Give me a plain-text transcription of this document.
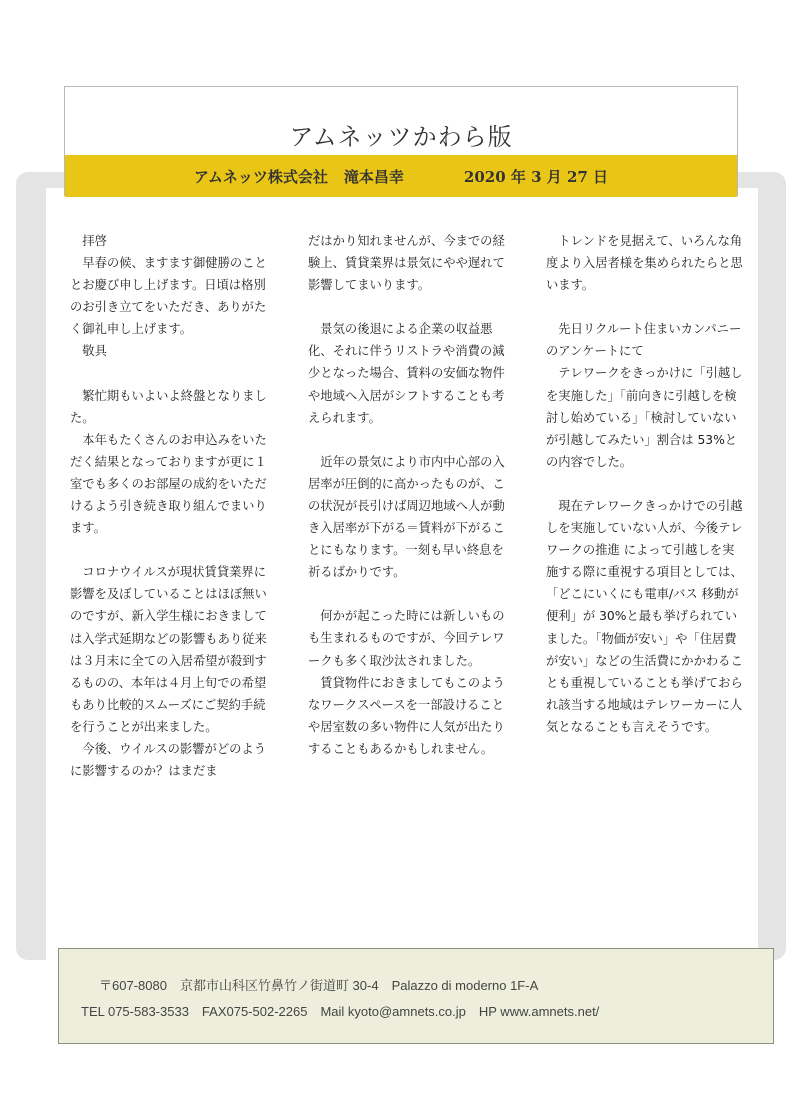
アムネッツかわら版
アムネッツ株式会社 滝本昌幸	2020 年 3 月 27 日

　拝啓
　早春の候、ますます御健勝のこととお慶び申し上げます。日頃は格別のお引き立てをいただき、ありがたく御礼申し上げます。
　敬具

　繁忙期もいよいよ終盤となりました。
　本年もたくさんのお申込みをいただく結果となっておりますが更に１室でも多くのお部屋の成約をいただけるよう引き続き取り組んでまいります。

　コロナウイルスが現状賃貸業界に影響を及ぼしていることはほぼ無いのですが、新入学生様におきましては入学式延期などの影響もあり従来は３月末に全ての入居希望が殺到するものの、本年は４月上旬での希望もあり比較的スムーズにご契約手続を行うことが出来ました。
　今後、ウイルスの影響がどのように影響するのか？はまだま

だはかり知れませんが、今までの経験上、賃貸業界は景気にやや遅れて影響してまいります。

　景気の後退による企業の収益悪化、それに伴うリストラや消費の減少となった場合、賃料の安価な物件や地域へ入居がシフトすることも考えられます。

　近年の景気により市内中心部の入居率が圧倒的に高かったものが、この状況が長引けば周辺地域へ人が動き入居率が下がる＝賃料が下がることにもなります。一刻も早い終息を祈るばかりです。

　何かが起こった時には新しいものも生まれるものですが、今回テレワークも多く取沙汰されました。
　賃貸物件におきましてもこのようなワークスペースを一部設けることや居室数の多い物件に人気が出たりすることもあるかもしれません。

　トレンドを見据えて、いろんな角度より入居者様を集められたらと思います。

　先日リクルート住まいカンパニーのアンケートにて
　テレワークをきっかけに「引越しを実施した」「前向きに引越しを検討し始めている」「検討していないが引越してみたい」割合は 53%との内容でした。

　現在テレワークきっかけでの引越しを実施していない人が、今後テレワークの推進 によって引越しを実施する際に重視する項目としては、「どこにいくにも電車/バス 移動が便利」が 30%と最も挙げられていました。「物価が安い」や「住居費が安い」などの生活費にかかわることも重視していることも挙げておられ該当する地域はテレワーカーに人気となることも言えそうです。

〒607-8080　京都市山科区竹鼻竹ノ街道町 30-4　Palazzo di moderno 1F-A
TEL 075-583-3533　FAX075-502-2265　Mail kyoto@amnets.co.jp　HP www.amnets.net/
